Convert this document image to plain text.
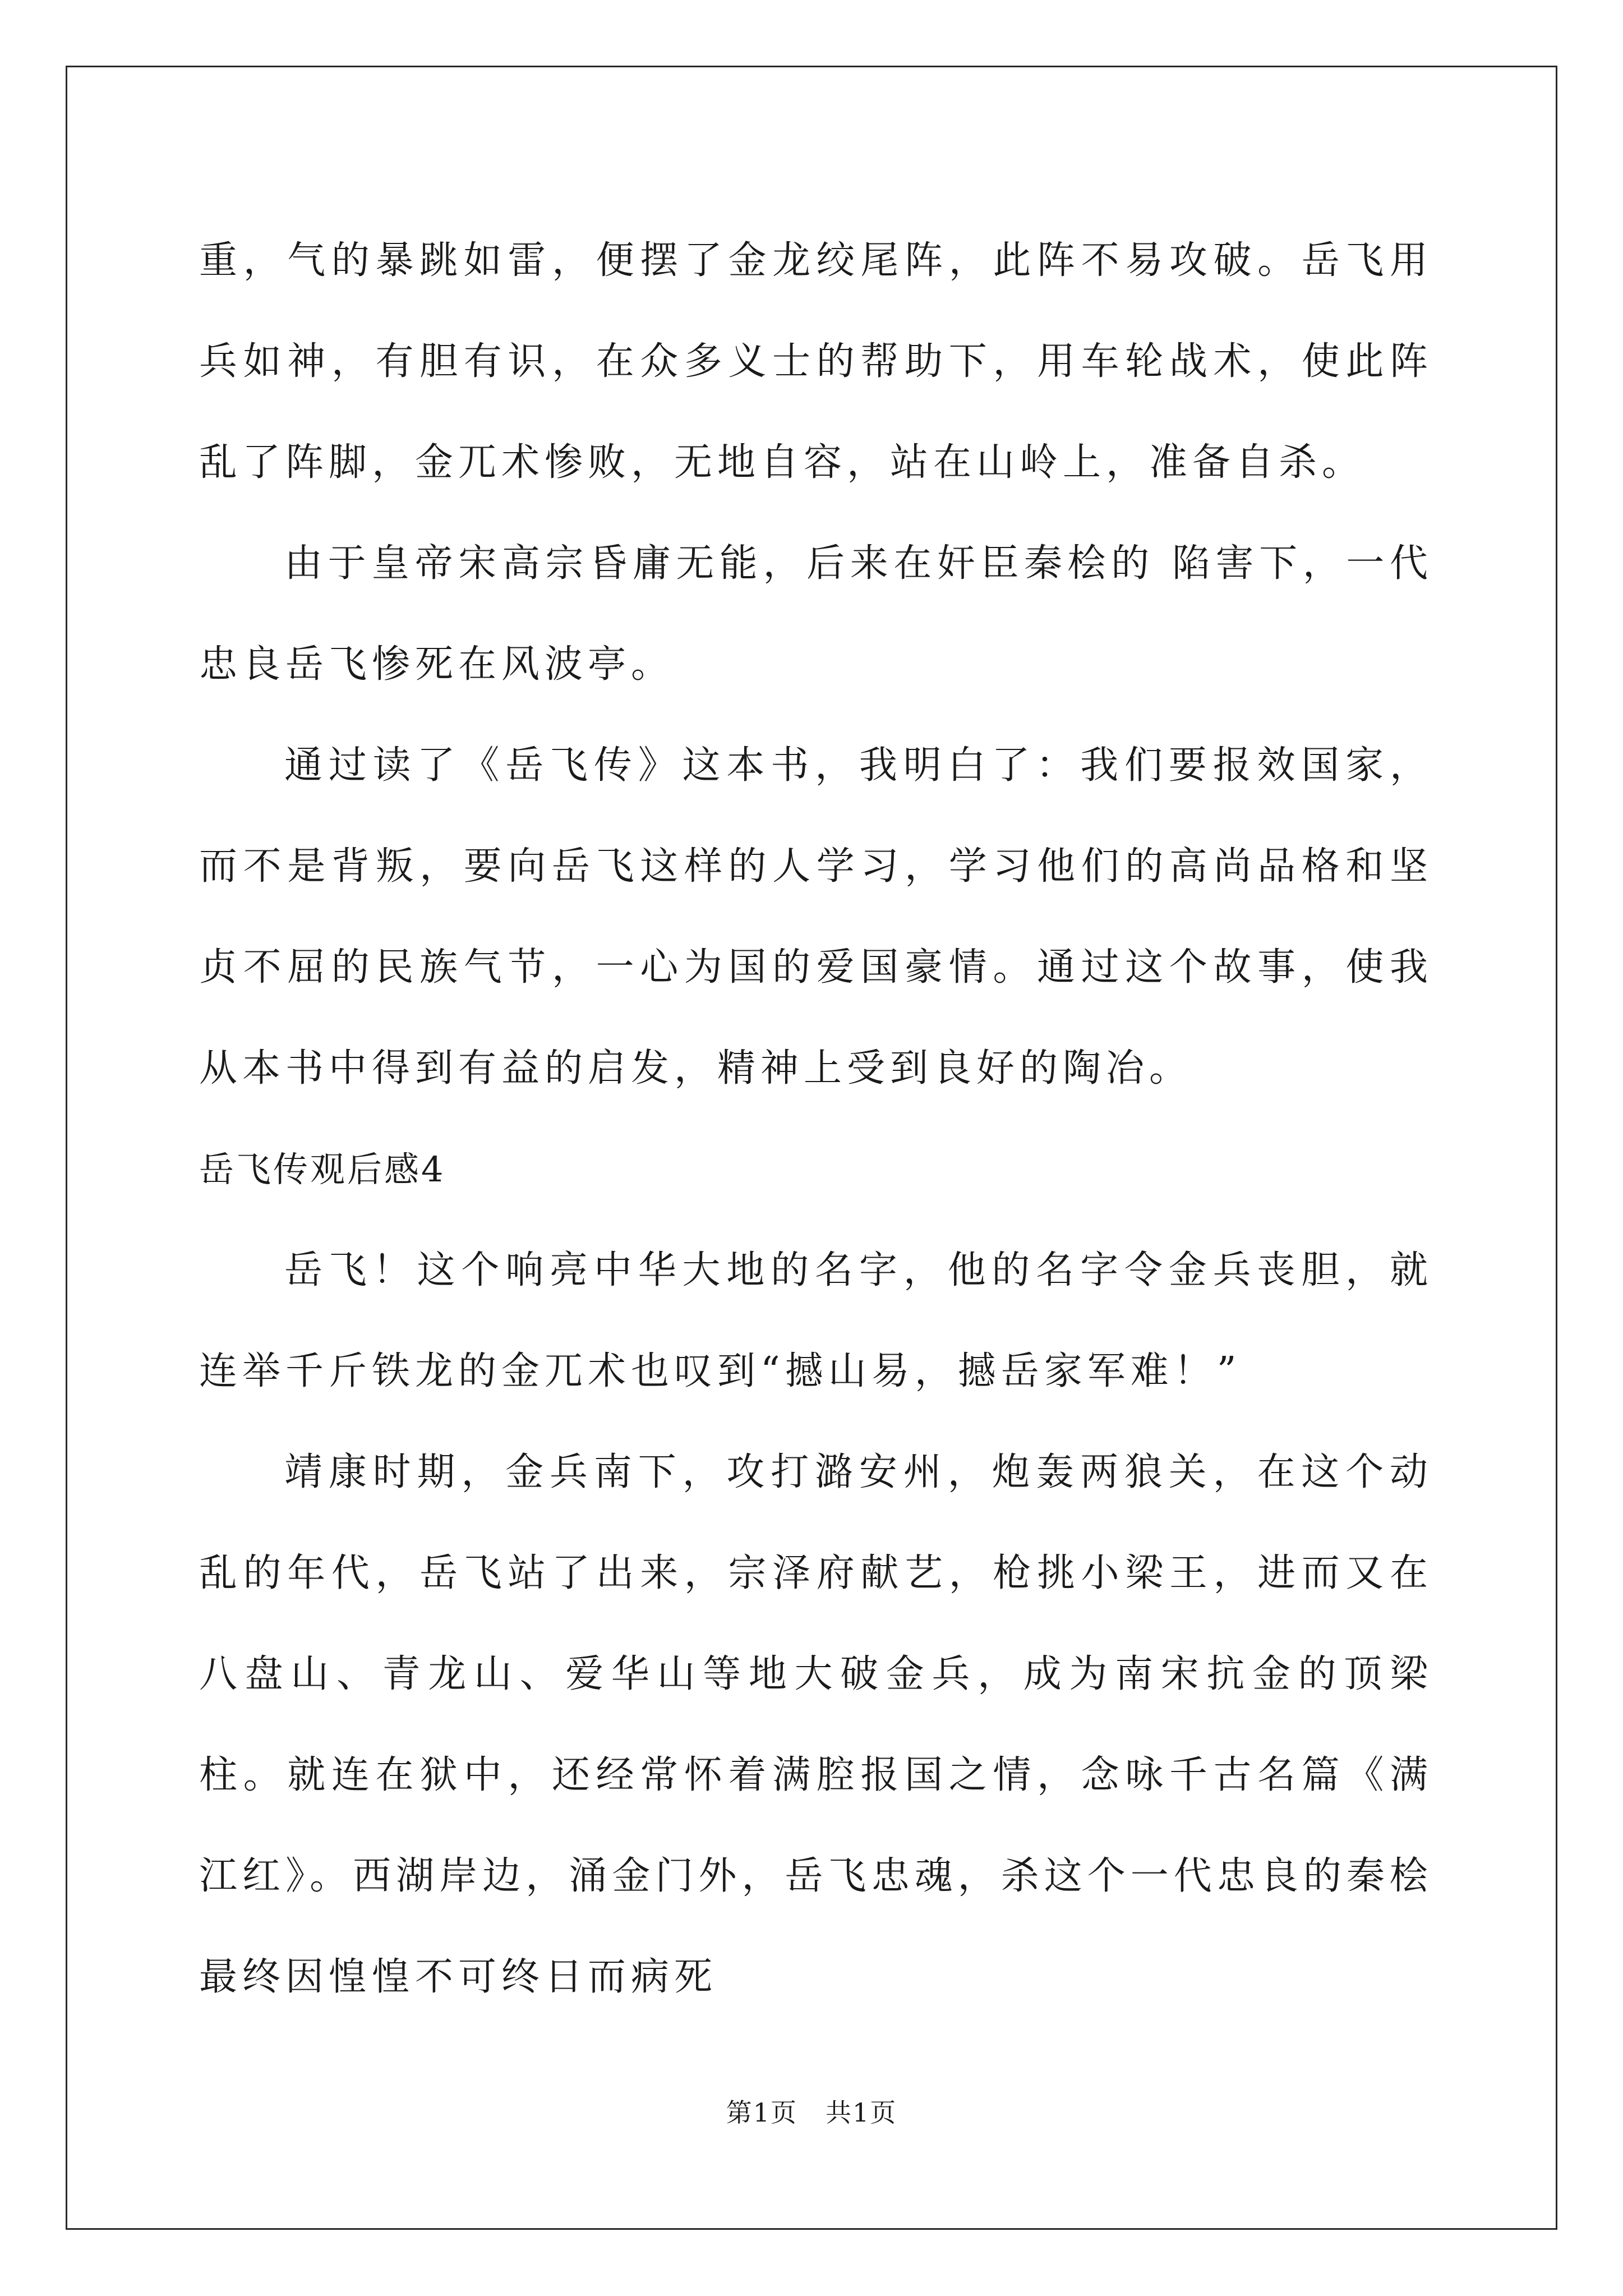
重，气的暴跳如雷，便摆了金龙绞尾阵，此阵不易攻破。岳飞用兵如神，有胆有识，在众多义士的帮助下，用车轮战术，使此阵乱了阵脚，金兀术惨败，无地自容，站在山岭上，准备自杀。

由于皇帝宋高宗昏庸无能，后来在奸臣秦桧的 陷害下，一代忠良岳飞惨死在风波亭。

通过读了《岳飞传》这本书，我明白了：我们要报效国家，而不是背叛，要向岳飞这样的人学习，学习他们的高尚品格和坚贞不屈的民族气节，一心为国的爱国豪情。通过这个故事，使我从本书中得到有益的启发，精神上受到良好的陶冶。

岳飞传观后感4

岳飞！这个响亮中华大地的名字，他的名字令金兵丧胆，就连举千斤铁龙的金兀术也叹到“撼山易，撼岳家军难！”

靖康时期，金兵南下，攻打潞安州，炮轰两狼关，在这个动乱的年代，岳飞站了出来，宗泽府献艺，枪挑小梁王，进而又在八盘山、青龙山、爱华山等地大破金兵，成为南宋抗金的顶梁柱。就连在狱中，还经常怀着满腔报国之情，念咏千古名篇《满江红》。西湖岸边，涌金门外，岳飞忠魂，杀这个一代忠良的秦桧最终因惶惶不可终日而病死

第1页 共1页
